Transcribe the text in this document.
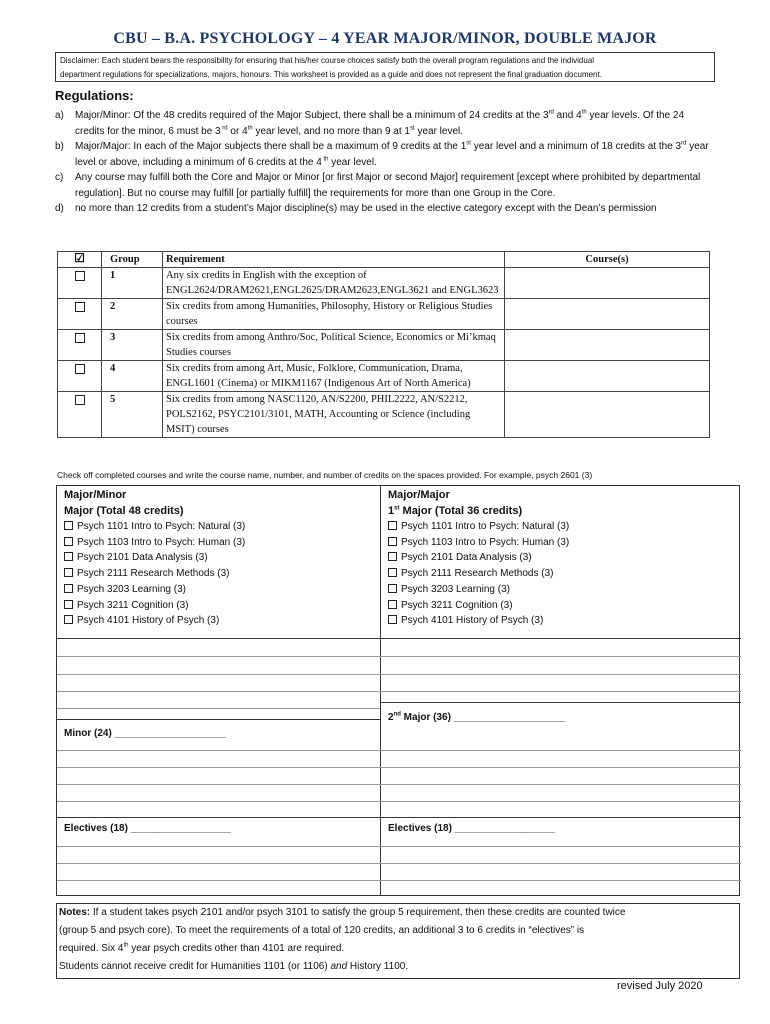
CBU – B.A. PSYCHOLOGY – 4 YEAR MAJOR/MINOR, DOUBLE MAJOR
Disclaimer: Each student bears the responsibility for ensuring that his/her course choices satisfy both the overall program regulations and the individual
department regulations for specializations, majors, honours. This worksheet is provided as a guide and does not represent the final graduation document.
Regulations:
a)	Major/Minor: Of the 48 credits required of the Major Subject, there shall be a minimum of 24 credits at the 3rd and 4th year levels. Of the 24 credits for the minor, 6 must be 3 $^{rd}$ or 4th year level, and no more than 9 at 1st year level.
b)	Major/Major: In each of the Major subjects there shall be a maximum of 9 credits at the 1st year level and a minimum of 18 credits at the 3rd year level or above, including a minimum of 6 credits at the 4 $^{th}$ year level.
c)	Any course may fulfill both the Core and Major or Minor [or first Major or second Major] requirement [except where prohibited by departmental regulation]. But no course may fulfill [or partially fulfill] the requirements for more than one Group in the Core.
d)	no more than 12 credits from a student’s Major discipline(s) may be used in the elective category except with the Dean’s permission
☑	Group	Requirement	Course(s)
	1	Any six credits in English with the exception of ENGL2624/DRAM2621,ENGL2625/DRAM2623,ENGL3621 and ENGL3623	
	2	Six credits from among Humanities, Philosophy, History or Religious Studies courses	
	3	Six credits from among Anthro/Soc, Political Science, Economics or Mi’kmaq Studies courses	
	4	Six credits from among Art, Music, Folklore, Communication, Drama, ENGL1601 (Cinema) or MIKM1167 (Indigenous Art of North America)	
	5	Six credits from among NASC1120, AN/S2200, PHIL2222, AN/S2212, POLS2162, PSYC2101/3101, MATH, Accounting or Science (including MSIT) courses	
Check off completed courses and write the course name, number, and number of credits on the spaces provided. For example, psych 2601 (3)
Major/Minor
Major (Total 48 credits)
Psych 1101 Intro to Psych: Natural (3)
Psych 1103 Intro to Psych: Human (3)
Psych 2101 Data Analysis (3)
Psych 2111 Research Methods (3)
Psych 3203 Learning (3)
Psych 3211 Cognition (3)
Psych 4101 History of Psych (3)
Major/Major
1st Major (Total 36 credits)
Psych 1101 Intro to Psych: Natural (3)
Psych 1103 Intro to Psych: Human (3)
Psych 2101 Data Analysis (3)
Psych 2111 Research Methods (3)
Psych 3203 Learning (3)
Psych 3211 Cognition (3)
Psych 4101 History of Psych (3)
2nd Major (36) ____________________
Minor (24) ____________________
Electives (18) __________________	Electives (18) __________________
Notes: If a student takes psych 2101 and/or psych 3101 to satisfy the group 5 requirement, then these credits are counted twice
(group 5 and psych core). To meet the requirements of a total of 120 credits, an additional 3 to 6 credits in “electives” is
required. Six 4th year psych credits other than 4101 are required.
Students cannot receive credit for Humanities 1101 (or 1106) and History 1100.
revised July 2020
